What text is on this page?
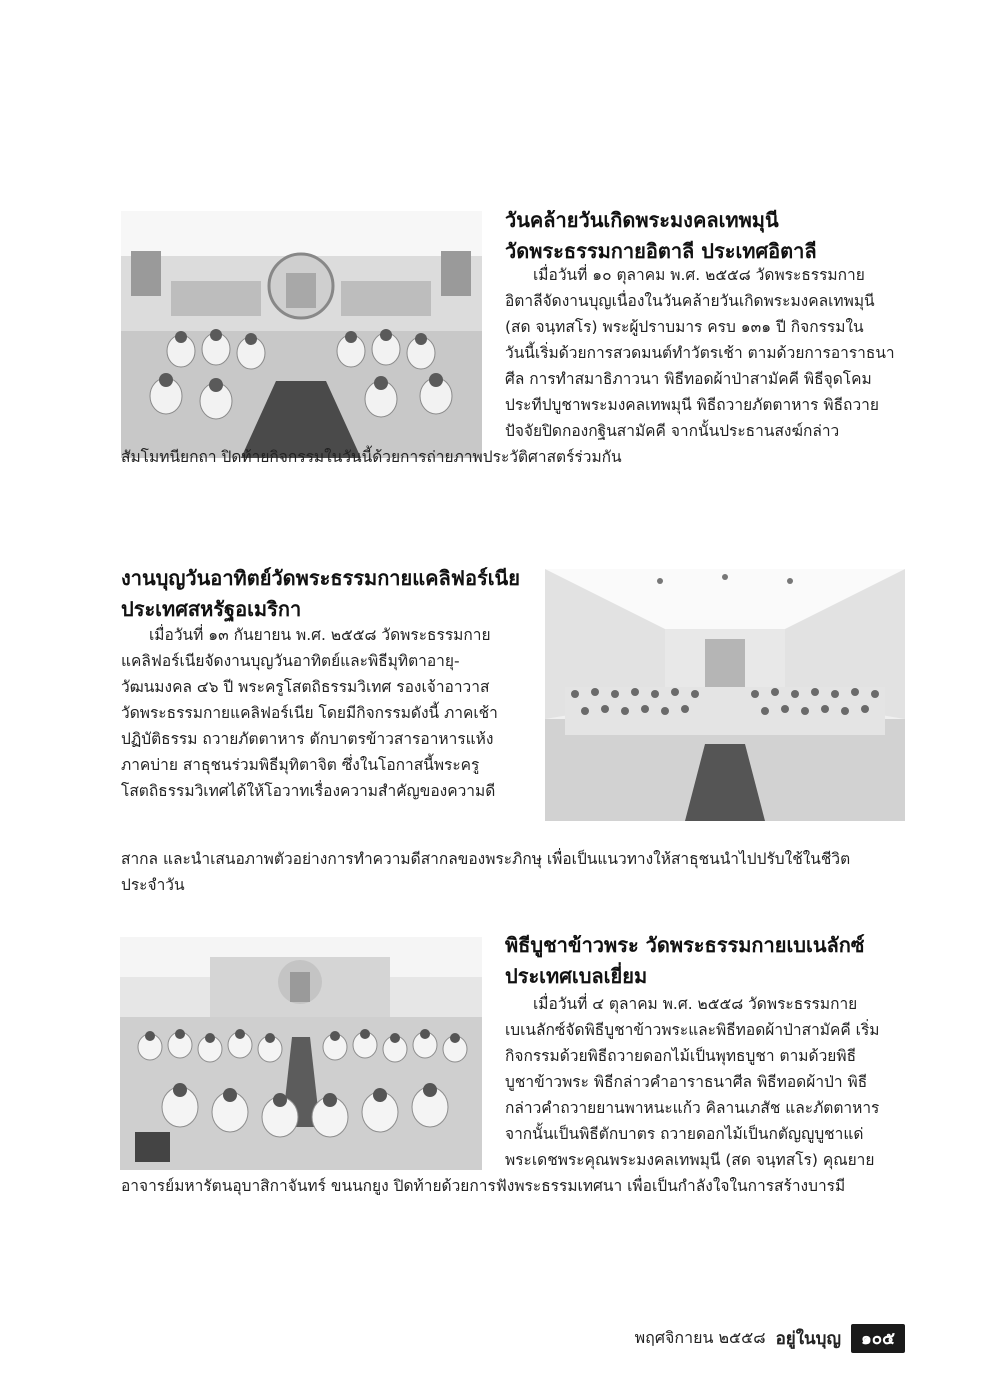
วันคล้ายวันเกิดพระมงคลเทพมุนี
วัดพระธรรมกายอิตาลี ประเทศอิตาลี
เมื่อวันที่ ๑๐ ตุลาคม พ.ศ. ๒๕๕๘ วัดพระธรรมกาย
อิตาลีจัดงานบุญเนื่องในวันคล้ายวันเกิดพระมงคลเทพมุนี
(สด จนฺทสโร) พระผู้ปราบมาร ครบ ๑๓๑ ปี กิจกรรมใน
วันนี้เริ่มด้วยการสวดมนต์ทำวัตรเช้า ตามด้วยการอาราธนา
ศีล การทำสมาธิภาวนา พิธีทอดผ้าป่าสามัคคี พิธีจุดโคม
ประทีปบูชาพระมงคลเทพมุนี พิธีถวายภัตตาหาร พิธีถวาย
ปัจจัยปิดกองกฐินสามัคคี จากนั้นประธานสงฆ์กล่าว
สัมโมทนียกถา ปิดท้ายกิจกรรมในวันนี้ด้วยการถ่ายภาพประวัติศาสตร์ร่วมกัน
งานบุญวันอาทิตย์วัดพระธรรมกายแคลิฟอร์เนีย
ประเทศสหรัฐอเมริกา
เมื่อวันที่ ๑๓ กันยายน พ.ศ. ๒๕๕๘ วัดพระธรรมกาย
แคลิฟอร์เนียจัดงานบุญวันอาทิตย์และพิธีมุทิตาอายุ-
วัฒนมงคล ๔๖ ปี พระครูโสตถิธรรมวิเทศ รองเจ้าอาวาส
วัดพระธรรมกายแคลิฟอร์เนีย โดยมีกิจกรรมดังนี้ ภาคเช้า
ปฏิบัติธรรม ถวายภัตตาหาร ตักบาตรข้าวสารอาหารแห้ง
ภาคบ่าย สาธุชนร่วมพิธีมุทิตาจิต ซึ่งในโอกาสนี้พระครู
โสตถิธรรมวิเทศได้ให้โอวาทเรื่องความสำคัญของความดี
สากล และนำเสนอภาพตัวอย่างการทำความดีสากลของพระภิกษุ เพื่อเป็นแนวทางให้สาธุชนนำไปปรับใช้ในชีวิต
ประจำวัน
พิธีบูชาข้าวพระ วัดพระธรรมกายเบเนลักซ์
ประเทศเบลเยี่ยม
เมื่อวันที่ ๔ ตุลาคม พ.ศ. ๒๕๕๘ วัดพระธรรมกาย
เบเนลักซ์จัดพิธีบูชาข้าวพระและพิธีทอดผ้าป่าสามัคคี เริ่ม
กิจกรรมด้วยพิธีถวายดอกไม้เป็นพุทธบูชา ตามด้วยพิธี
บูชาข้าวพระ พิธีกล่าวคำอาราธนาศีล พิธีทอดผ้าป่า พิธี
กล่าวคำถวายยานพาหนะแก้ว คิลานเภสัช และภัตตาหาร
จากนั้นเป็นพิธีตักบาตร ถวายดอกไม้เป็นกตัญญูบูชาแด่
พระเดชพระคุณพระมงคลเทพมุนี (สด จนฺทสโร) คุณยาย
อาจารย์มหารัตนอุบาสิกาจันทร์ ขนนกยูง ปิดท้ายด้วยการฟังพระธรรมเทศนา เพื่อเป็นกำลังใจในการสร้างบารมี
พฤศจิกายน ๒๕๕๘ อยู่ในบุญ	๑๐๕
